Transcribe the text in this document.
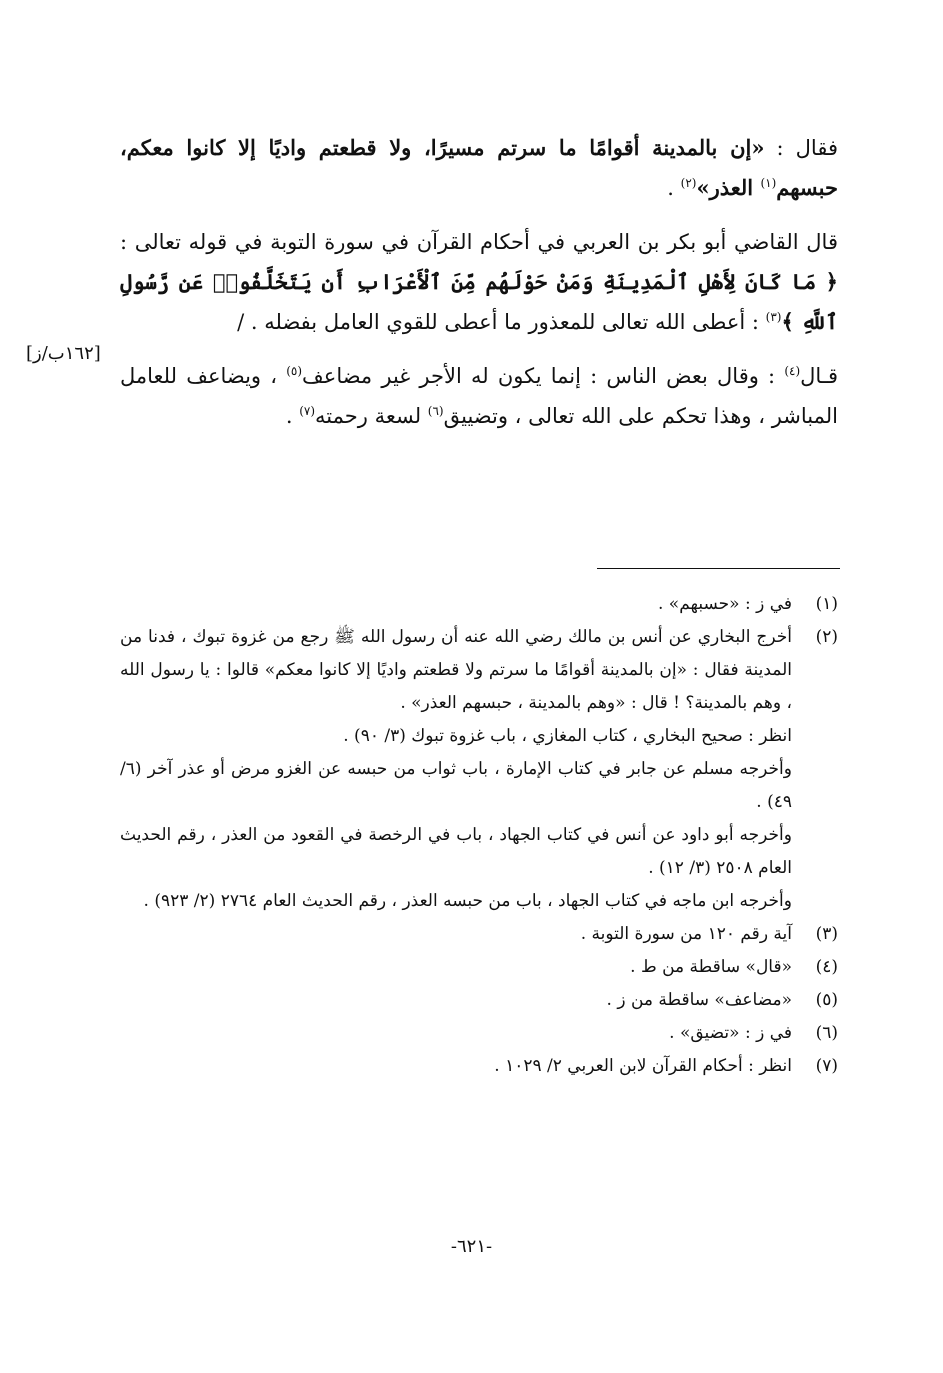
فقال : «إن بالمدينة أقوامًا ما سرتم مسيرًا، ولا قطعتم واديًا إلا كانوا معكم، حبسهم$^{(١)}$ العذر»$^{(٢)}$ .

قال القاضي أبو بكر بن العربي في أحكام القرآن في سورة التوبة في قوله تعالى : ﴿ مَا كَانَ لِأَهْلِ ٱلْمَدِينَةِ وَمَنْ حَوْلَهُم مِّنَ ٱلْأَعْرَابِ أَن يَتَخَلَّفُوا۟ عَن رَّسُولِ ٱللَّهِ ﴾$^{(٣)}$ : أعطى الله تعالى للمعذور ما أعطى للقوي العامل بفضله . /

قـال$^{(٤)}$ : وقال بعض الناس : إنما يكون له الأجر غير مضاعف$^{(٥)}$ ، ويضاعف للعامل المباشر ، وهذا تحكم على الله تعالى ، وتضييق$^{(٦)}$ لسعة رحمته$^{(٧)}$ .

[١٦٢ب/ز]
(١)

في ز : «حسبهم» .

(٢)

أخرج البخاري عن أنس بن مالك رضي الله عنه أن رسول الله ﷺ رجع من غزوة تبوك ، فدنا من المدينة فقال : «إن بالمدينة أقوامًا ما سرتم ولا قطعتم واديًا إلا كانوا معكم» قالوا : يا رسول الله ، وهم بالمدينة؟ ! قال : «وهم بالمدينة ، حبسهم العذر» .

انظر : صحيح البخاري ، كتاب المغازي ، باب غزوة تبوك (٣/ ٩٠) .

وأخرجه مسلم عن جابر في كتاب الإمارة ، باب ثواب من حبسه عن الغزو مرض أو عذر آخر (٦/ ٤٩) .

وأخرجه أبو داود عن أنس في كتاب الجهاد ، باب في الرخصة في القعود من العذر ، رقم الحديث العام ٢٥٠٨ (٣/ ١٢) .

وأخرجه ابن ماجه في كتاب الجهاد ، باب من حبسه العذر ، رقم الحديث العام ٢٧٦٤ (٢/ ٩٢٣) .

(٣)

آية رقم ١٢٠ من سورة التوبة .

(٤)

«قال» ساقطة من ط .

(٥)

«مضاعف» ساقطة من ز .

(٦)

في ز : «تضيق» .

(٧)

انظر : أحكام القرآن لابن العربي ٢/ ١٠٢٩ .

-٦٢١-
